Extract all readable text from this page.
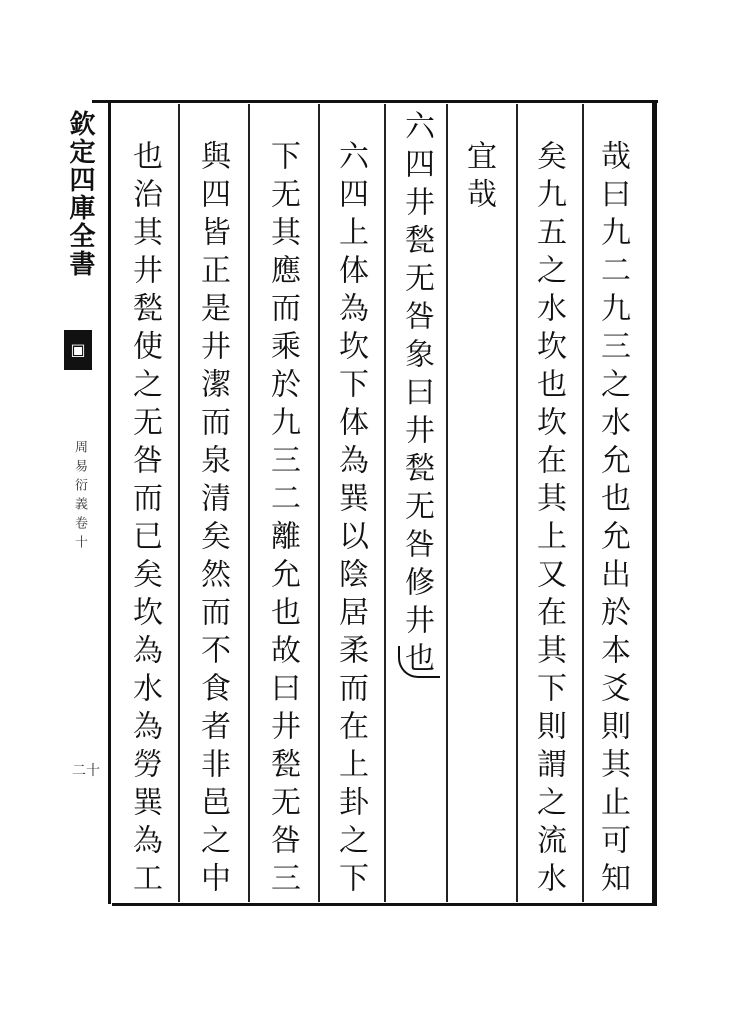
欽定四庫全書
▣
周易衍義卷十
二十	哉曰九二九三之水允也允出於本爻則其止可知
矣九五之水坎也坎在其上又在其下則謂之流水
宜哉
六四井甃无咎象曰井甃无咎修井也
六四上体為坎下体為巽以陰居柔而在上卦之下
下无其應而乘於九三二離允也故曰井甃无咎三
與四皆正是井潔而泉清矣然而不食者非邑之中
也治其井甃使之无咎而已矣坎為水為勞巽為工
